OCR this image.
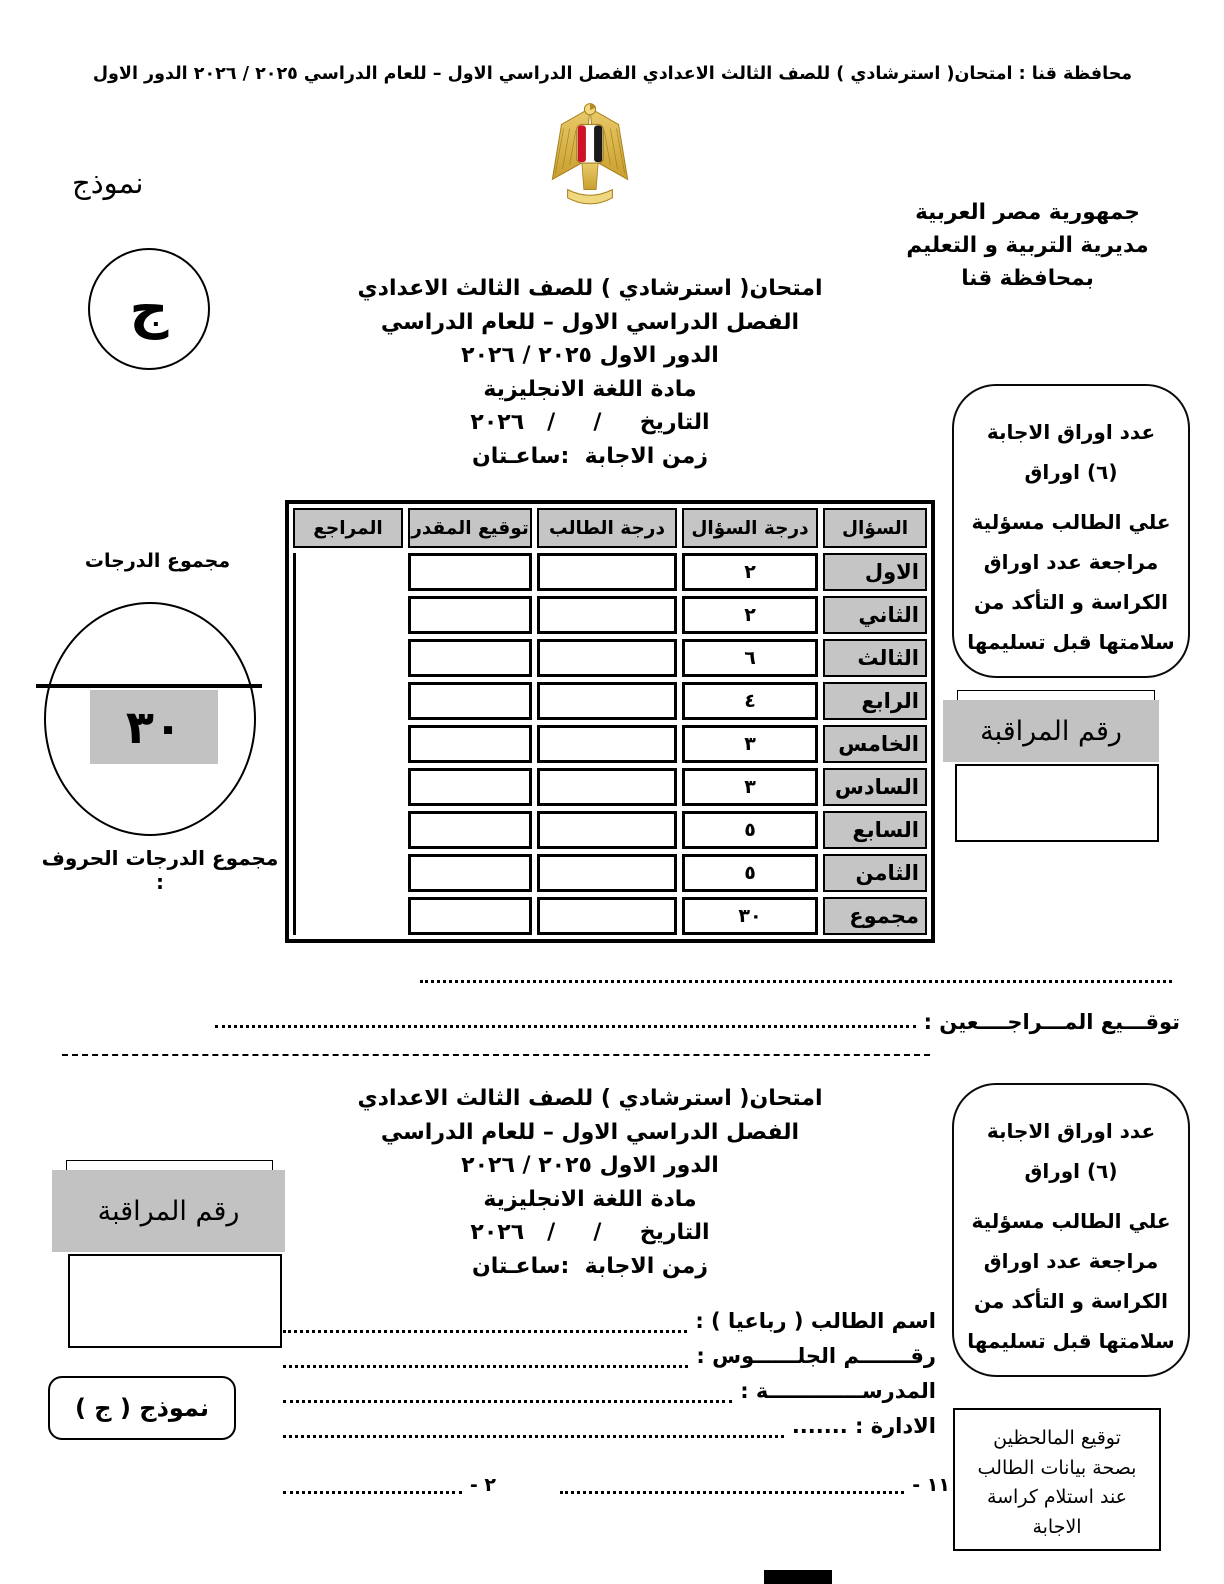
محافظة قنا : امتحان( استرشادي ) للصف الثالث الاعدادي الفصل الدراسي الاول – للعام الدراسي ٢٠٢٥ / ٢٠٢٦ الدور الاول
جمهورية مصر العربية
مديرية التربية و التعليم بمحافظة قنا
نموذج
ج	امتحان( استرشادي ) للصف الثالث الاعدادي
الفصل الدراسي الاول – للعام الدراسي
الدور الاول ٢٠٢٥ / ٢٠٢٦
مادة اللغة الانجليزية
التاريخ     /     /   ٢٠٢٦
زمن الاجابة  :ساعـتان
عدد اوراق الاجابة
(٦) اوراق
علي الطالب مسؤلية
مراجعة عدد اوراق
الكراسة و التأكد من
سلامتها قبل تسليمها
السؤال
درجة السؤال
درجة الطالب
توقيع المقدر
المراجع
الاول
٢
الثاني
٢
الثالث
٦
الرابع
٤
الخامس
٣
السادس
٣
السابع
٥
الثامن
٥
مجموع
٣٠
مجموع الدرجات
٣٠
مجموع الدرجات الحروف :
رقم المراقبة
توقـــيع المـــراجــــعين :
امتحان( استرشادي ) للصف الثالث الاعدادي
الفصل الدراسي الاول – للعام الدراسي
الدور الاول ٢٠٢٥ / ٢٠٢٦
مادة اللغة الانجليزية
التاريخ     /     /   ٢٠٢٦
زمن الاجابة  :ساعـتان
عدد اوراق الاجابة
(٦) اوراق
علي الطالب مسؤلية
مراجعة عدد اوراق
الكراسة و التأكد من
سلامتها قبل تسليمها
رقم المراقبة
اسم الطالب ( رباعيا ) :
رقـــــــم الجلــــــوس :
المدرســـــــــــــة :
الادارة : .......
نموذج ( ج )
توقيع المالحظين
بصحة بيانات الطالب
عند استلام كراسة
الاجابة
١١ -
٢ -
